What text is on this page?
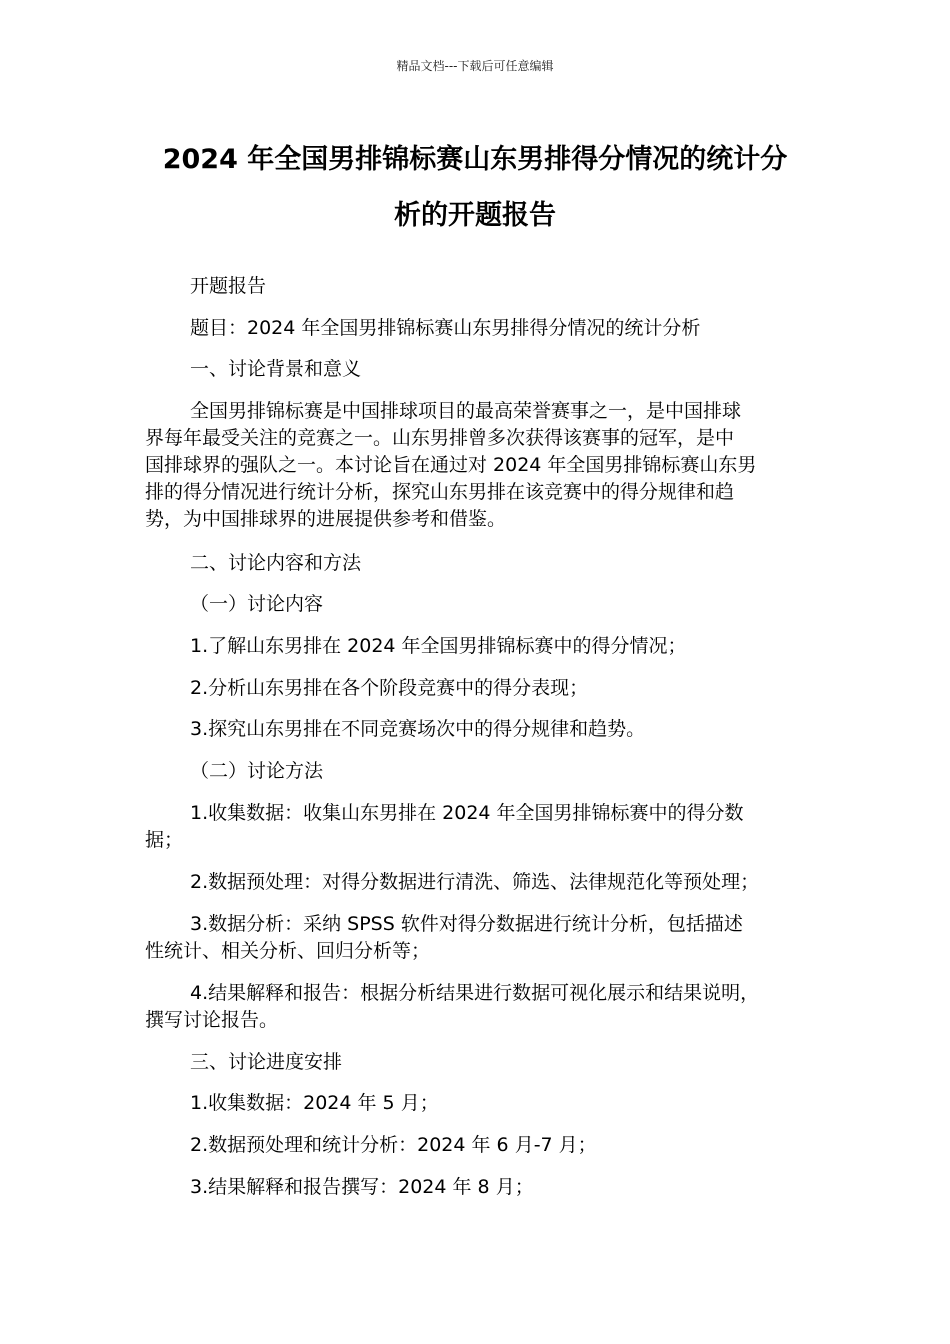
精品文档---下载后可任意编辑
2024 年全国男排锦标赛山东男排得分情况的统计分
析的开题报告

开题报告

题目：2024 年全国男排锦标赛山东男排得分情况的统计分析

一、讨论背景和意义

全国男排锦标赛是中国排球项目的最高荣誉赛事之一，是中国排球
界每年最受关注的竞赛之一。山东男排曾多次获得该赛事的冠军，是中
国排球界的强队之一。本讨论旨在通过对 2024 年全国男排锦标赛山东男
排的得分情况进行统计分析，探究山东男排在该竞赛中的得分规律和趋
势，为中国排球界的进展提供参考和借鉴。

二、讨论内容和方法

（一）讨论内容

1.了解山东男排在 2024 年全国男排锦标赛中的得分情况；

2.分析山东男排在各个阶段竞赛中的得分表现；

3.探究山东男排在不同竞赛场次中的得分规律和趋势。

（二）讨论方法

1.收集数据：收集山东男排在 2024 年全国男排锦标赛中的得分数
据；

2.数据预处理：对得分数据进行清洗、筛选、法律规范化等预处理；

3.数据分析：采纳 SPSS 软件对得分数据进行统计分析，包括描述
性统计、相关分析、回归分析等；

4.结果解释和报告：根据分析结果进行数据可视化展示和结果说明，
撰写讨论报告。

三、讨论进度安排

1.收集数据：2024 年 5 月；

2.数据预处理和统计分析：2024 年 6 月-7 月；

3.结果解释和报告撰写：2024 年 8 月；
